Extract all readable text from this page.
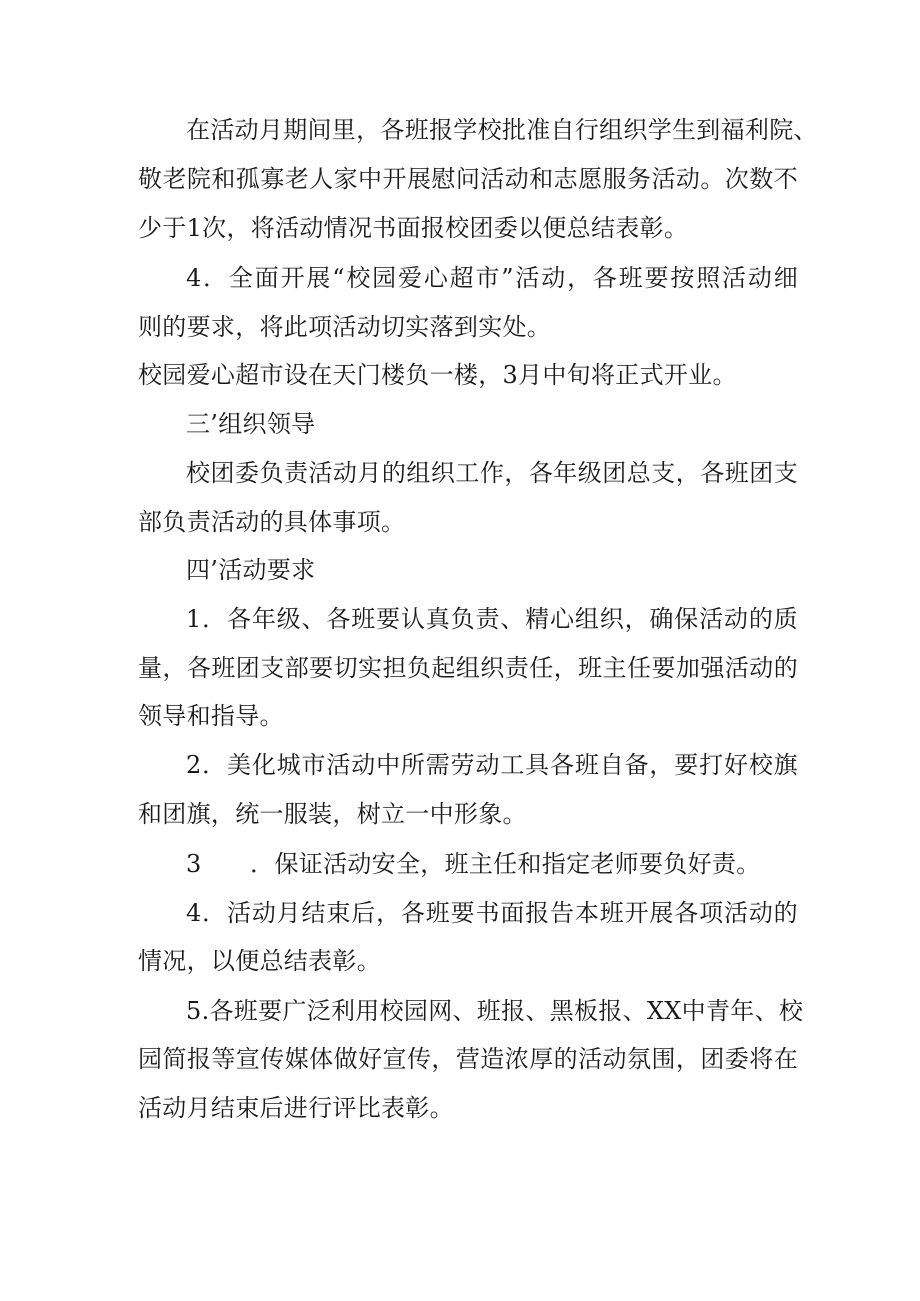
在活动月期间里，各班报学校批准自行组织学生到福利院、
敬老院和孤寡老人家中开展慰问活动和志愿服务活动。次数不
少于1次，将活动情况书面报校团委以便总结表彰。
4．全面开展“校园爱心超市”活动，各班要按照活动细
则的要求，将此项活动切实落到实处。
校园爱心超市设在天门楼负一楼，3月中旬将正式开业。
三’组织领导
校团委负责活动月的组织工作，各年级团总支，各班团支
部负责活动的具体事项。
四’活动要求
1．各年级、各班要认真负责、精心组织，确保活动的质
量，各班团支部要切实担负起组织责任，班主任要加强活动的
领导和指导。
2．美化城市活动中所需劳动工具各班自备，要打好校旗
和团旗，统一服装，树立一中形象。
3　　．保证活动安全，班主任和指定老师要负好责。
4．活动月结束后，各班要书面报告本班开展各项活动的
情况，以便总结表彰。
5.各班要广泛利用校园网、班报、黑板报、XX中青年、校
园简报等宣传媒体做好宣传，营造浓厚的活动氛围，团委将在
活动月结束后进行评比表彰。
